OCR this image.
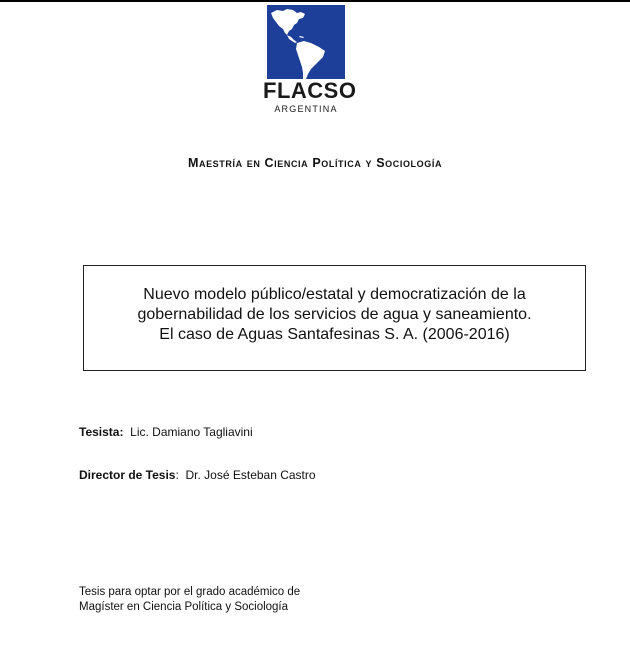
FLACSO
ARGENTINA
Maestría en Ciencia Política y Sociología
Nuevo modelo público/estatal y democratización de la
gobernabilidad de los servicios de agua y saneamiento.
El caso de Aguas Santafesinas S. A. (2006-2016)
Tesista: Lic. Damiano Tagliavini
Director de Tesis: Dr. José Esteban Castro
Tesis para optar por el grado académico de
Magíster en Ciencia Política y Sociología
